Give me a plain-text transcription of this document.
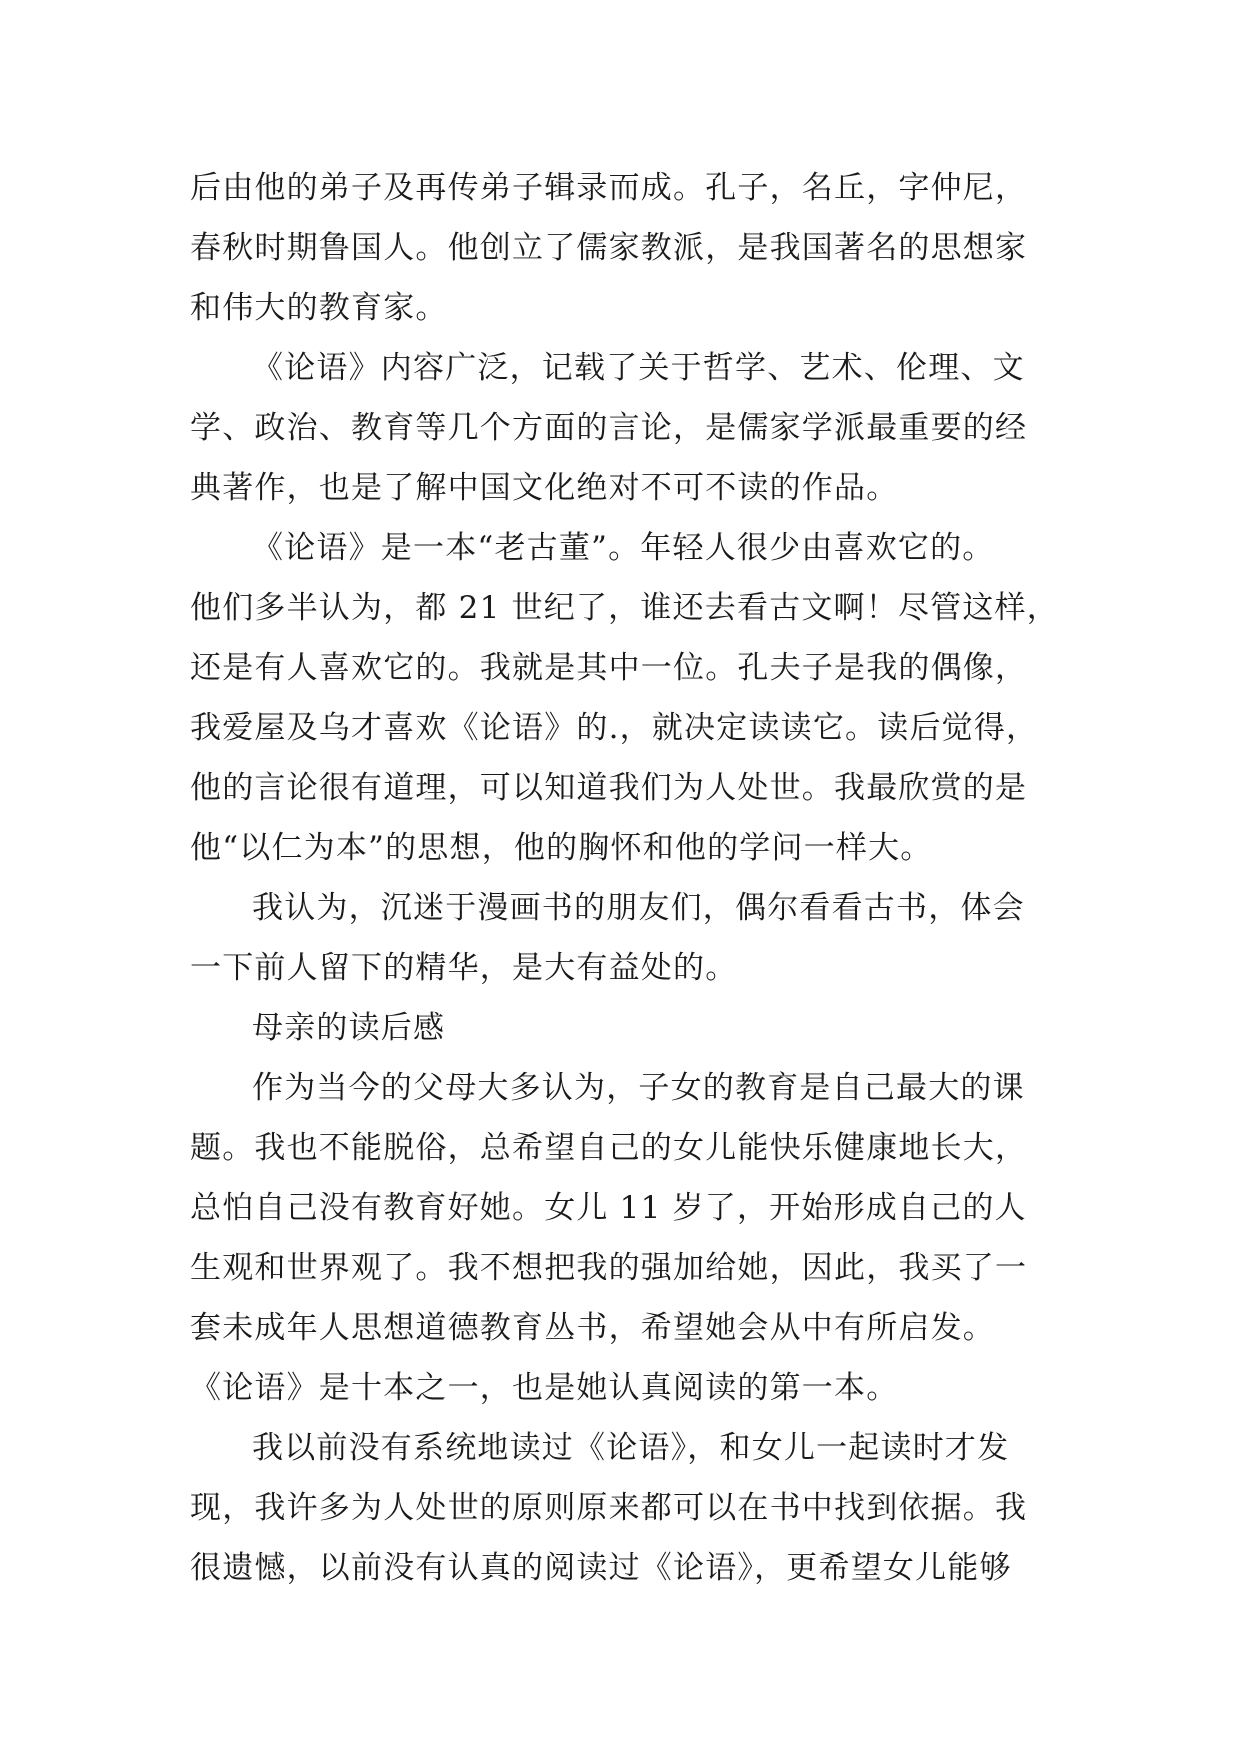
后由他的弟子及再传弟子辑录而成。孔子，名丘，字仲尼，
春秋时期鲁国人。他创立了儒家教派，是我国著名的思想家
和伟大的教育家。
《论语》内容广泛，记载了关于哲学、艺术、伦理、文
学、政治、教育等几个方面的言论，是儒家学派最重要的经
典著作，也是了解中国文化绝对不可不读的作品。
《论语》是一本“老古董”。年轻人很少由喜欢它的。
他们多半认为，都 21 世纪了，谁还去看古文啊！尽管这样，
还是有人喜欢它的。我就是其中一位。孔夫子是我的偶像，
我爱屋及乌才喜欢《论语》的.，就决定读读它。读后觉得，
他的言论很有道理，可以知道我们为人处世。我最欣赏的是
他“以仁为本”的思想，他的胸怀和他的学问一样大。
我认为，沉迷于漫画书的朋友们，偶尔看看古书，体会
一下前人留下的精华，是大有益处的。
母亲的读后感
作为当今的父母大多认为，子女的教育是自己最大的课
题。我也不能脱俗，总希望自己的女儿能快乐健康地长大，
总怕自己没有教育好她。女儿 11 岁了，开始形成自己的人
生观和世界观了。我不想把我的强加给她，因此，我买了一
套未成年人思想道德教育丛书，希望她会从中有所启发。
《论语》是十本之一，也是她认真阅读的第一本。
我以前没有系统地读过《论语》，和女儿一起读时才发
现，我许多为人处世的原则原来都可以在书中找到依据。我
很遗憾，以前没有认真的阅读过《论语》，更希望女儿能够
